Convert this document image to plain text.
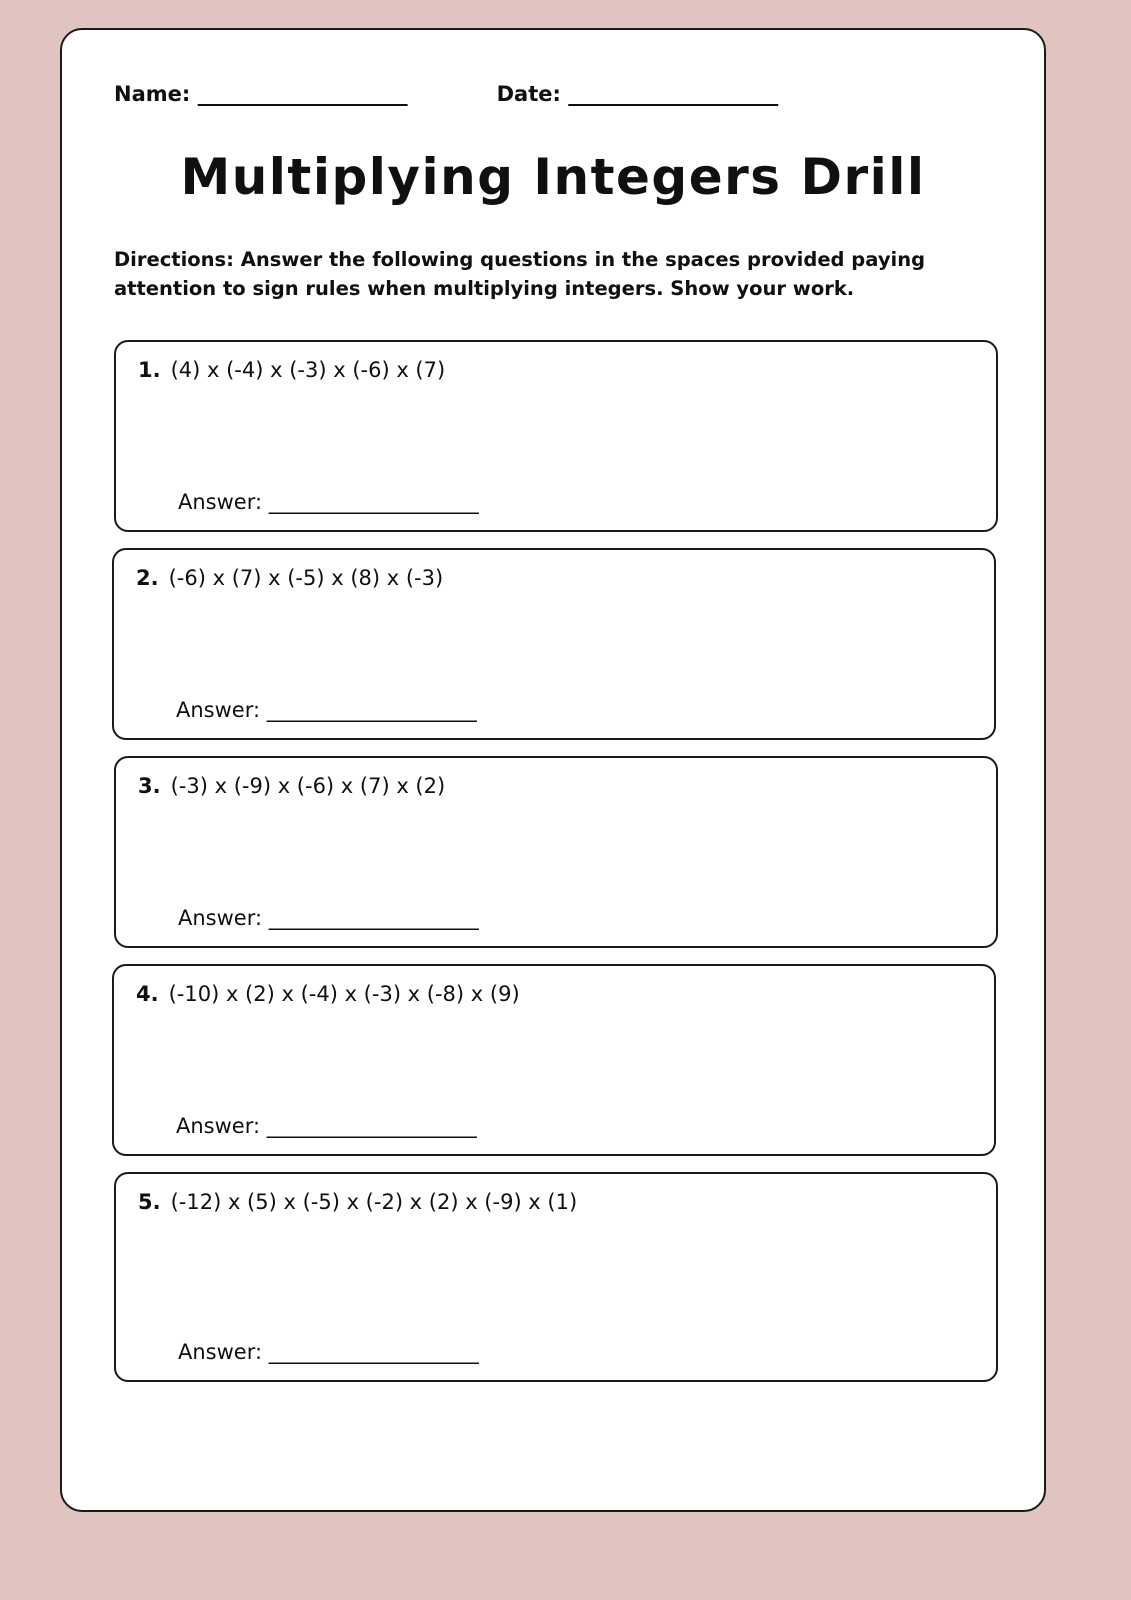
Name: ______________________	Date: ______________________
Multiplying Integers Drill
Directions: Answer the following questions in the spaces provided paying attention to sign rules when multiplying integers. Show your work.
1. (4) x (-4) x (-3) x (-6) x (7)
Answer: ______________________
2. (-6) x (7) x (-5) x (8) x (-3)
Answer: ______________________
3. (-3) x (-9) x (-6) x (7) x (2)
Answer: ______________________
4. (-10) x (2) x (-4) x (-3) x (-8) x (9)
Answer: ______________________
5. (-12) x (5) x (-5) x (-2) x (2) x (-9) x (1)
Answer: ______________________
